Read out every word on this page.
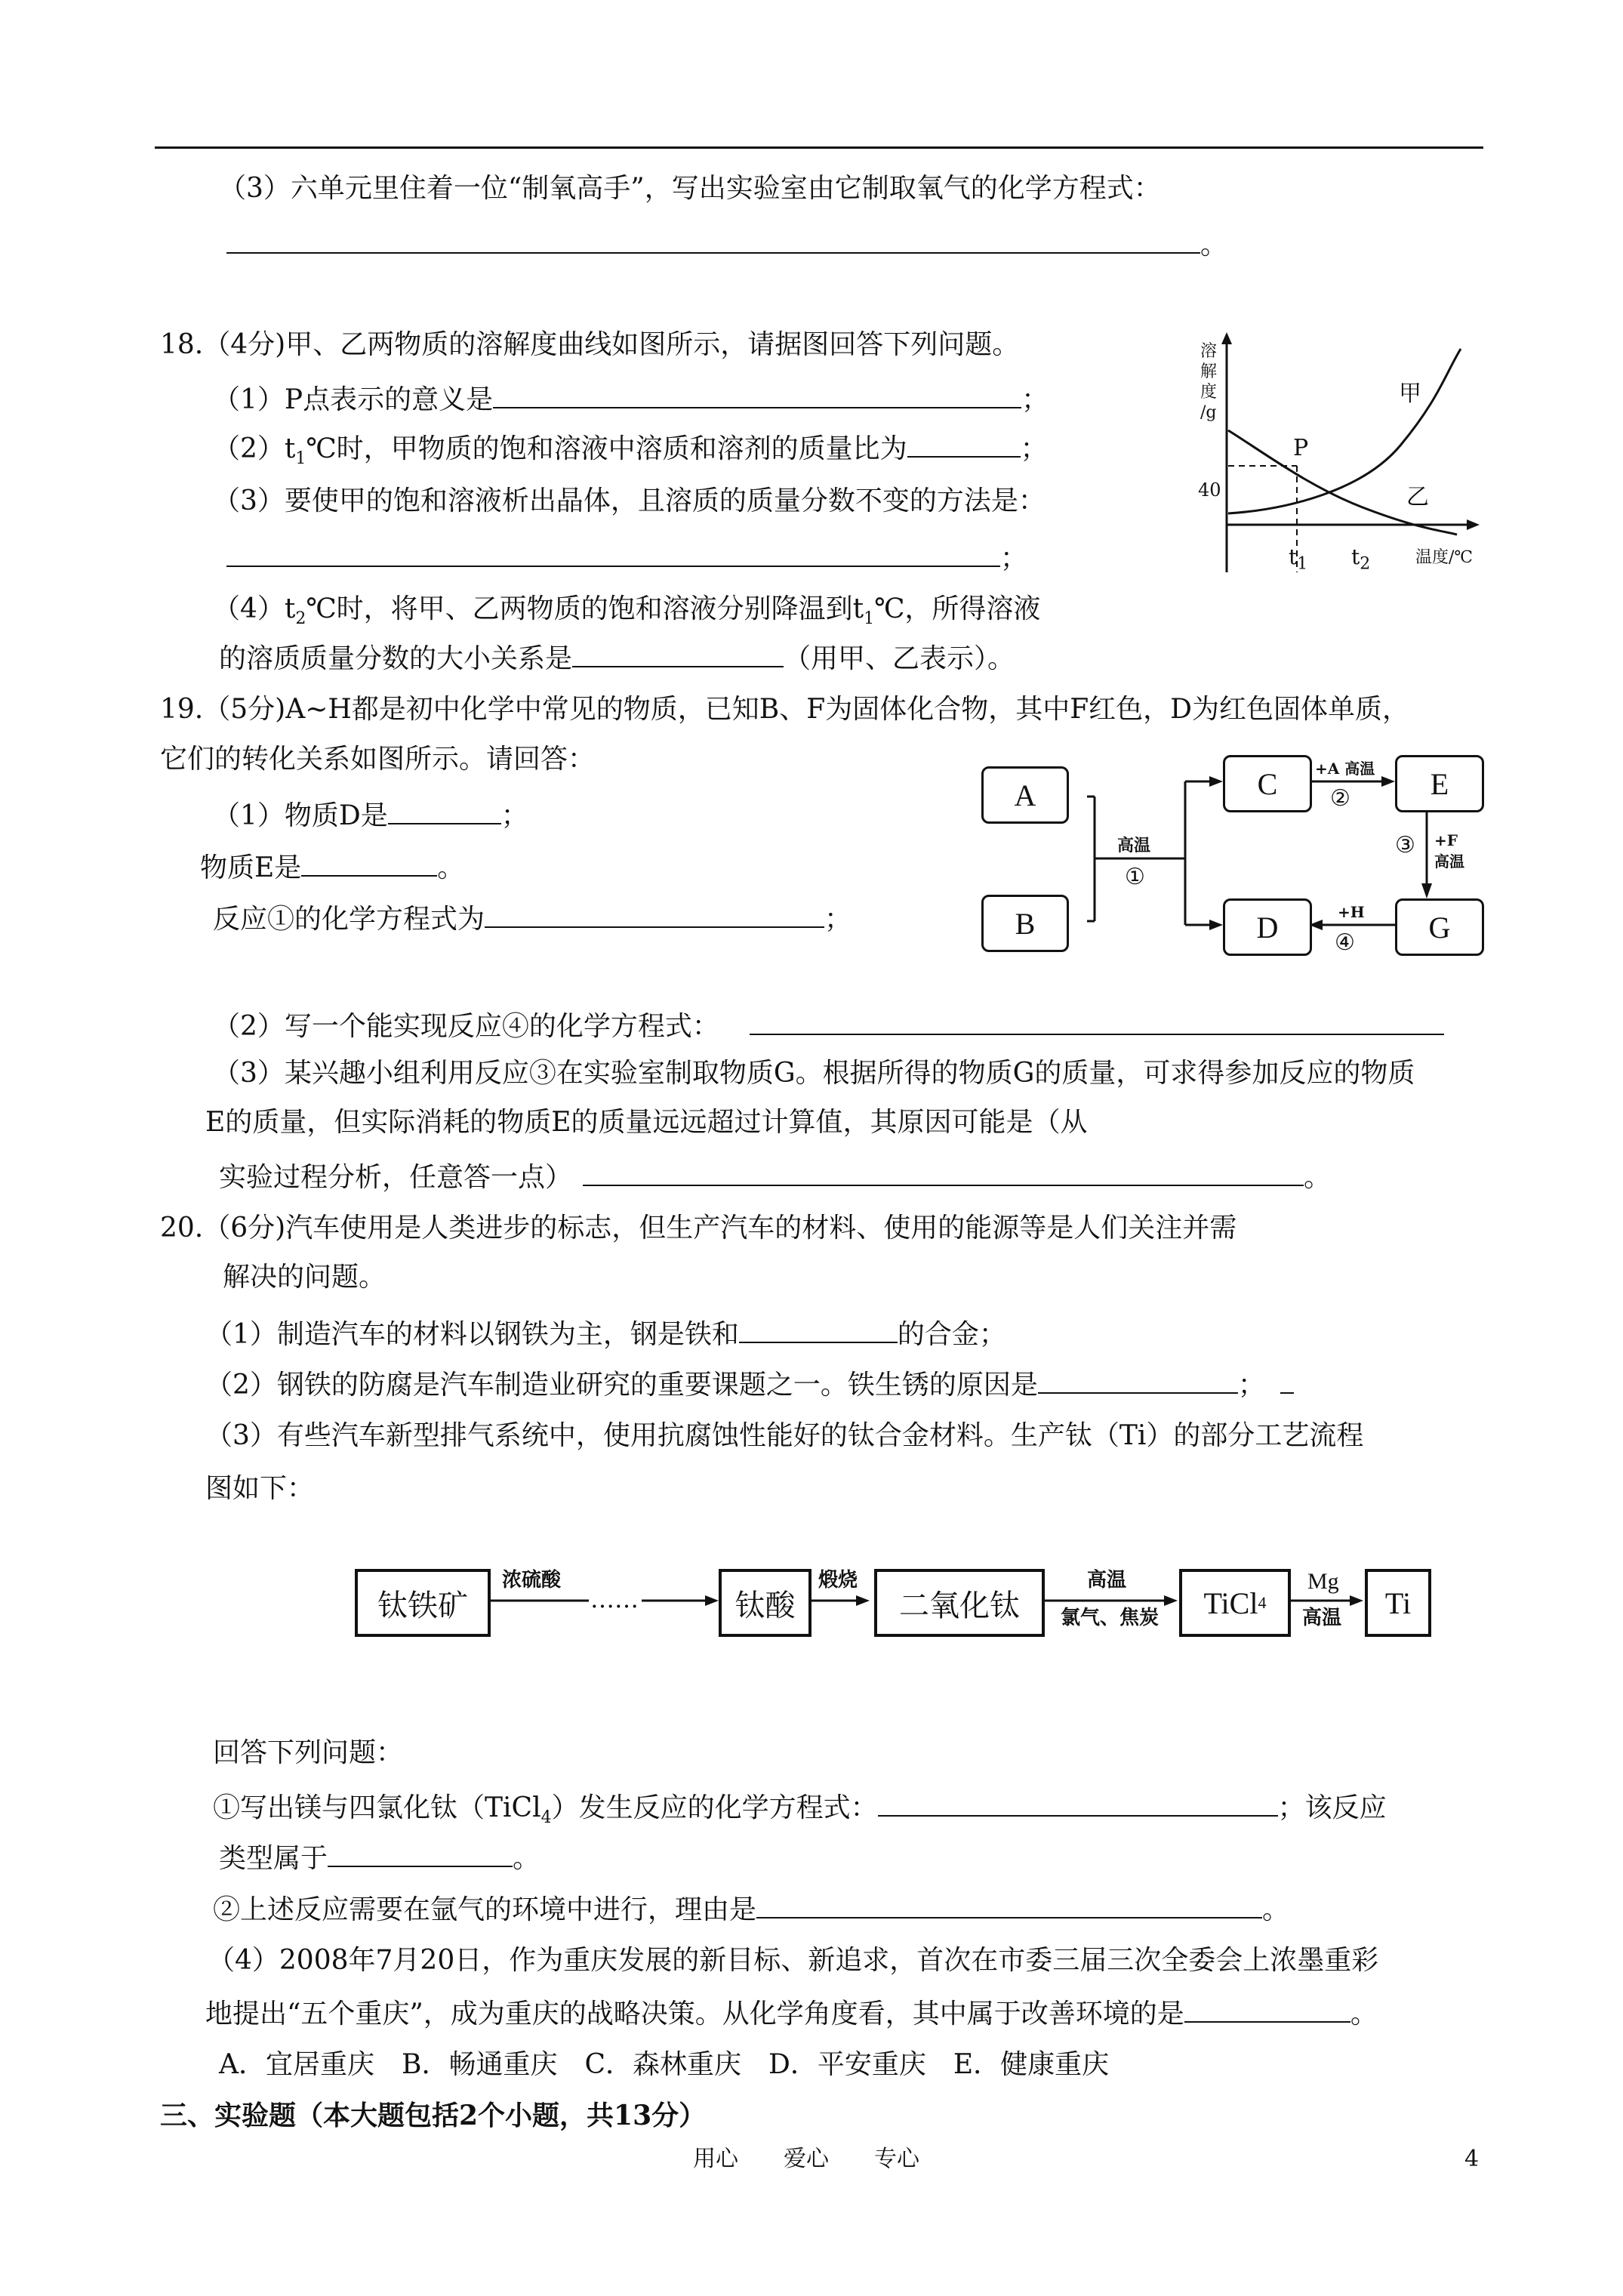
（3）六单元里住着一位“制氧高手”，写出实验室由它制取氧气的化学方程式：
。
18.（4分)甲、乙两物质的溶解度曲线如图所示，请据图回答下列问题。
（1）P点表示的意义是	；
$(2)t_1℃$时，甲物质的饱和溶液中溶质和溶剂的质量比为	；
（3）要使甲的饱和溶液析出晶体，且溶质的质量分数不变的方法是：
；
$(4)t_2℃$时，将甲、乙两物质的饱和溶液分别降温到$t_1℃$，所得溶液
的溶质质量分数的大小关系是	（用甲、乙表示）。
溶
解
度
/g
40
P
甲
乙
$t_1$ $t_2$	温度/℃
19.（5分)A~H都是初中化学中常见的物质，已知B、F为固体化合物，其中F红色，D为红色固体单质，
它们的转化关系如图所示。请回答：
（1）物质D是	；
物质E是	。
反应①的化学方程式为	；
A
B
C	E
D	G
高温
①
+A 高温
②
③ +F
高温
+H
④
（2）写一个能实现反应④的化学方程式：
（3）某兴趣小组利用反应③在实验室制取物质G。根据所得的物质G的质量，可求得参加反应的物质
E的质量，但实际消耗的物质E的质量远远超过计算值，其原因可能是（从
实验过程分析，任意答一点）	。
20.（6分)汽车使用是人类进步的标志，但生产汽车的材料、使用的能源等是人们关注并需
解决的问题。
（1）制造汽车的材料以钢铁为主，钢是铁和	的合金；
（2）钢铁的防腐是汽车制造业研究的重要课题之一。铁生锈的原因是	；
（3）有些汽车新型排气系统中，使用抗腐蚀性能好的钛合金材料。生产钛（Ti）的部分工艺流程
图如下：
钛铁矿
浓硫酸
……	钛酸
煅烧
二氧化钛
高温
氯气、焦炭 TiCl 4
Mg
高温	Ti
回答下列问题：
①写出镁与四氯化钛（TiCl$_4$）发生反应的化学方程式：	；该反应
类型属于	。
②上述反应需要在氩气的环境中进行，理由是	。
（4）2008年7月20日，作为重庆发展的新目标、新追求，首次在市委三届三次全委会上浓墨重彩
地提出“五个重庆”，成为重庆的战略决策。从化学角度看，其中属于改善环境的是	。
A．宜居重庆　B．畅通重庆　C．森林重庆　D．平安重庆　E．健康重庆
三、实验题（本大题包括2个小题，共13分）
用心　　爱心　　专心	4
